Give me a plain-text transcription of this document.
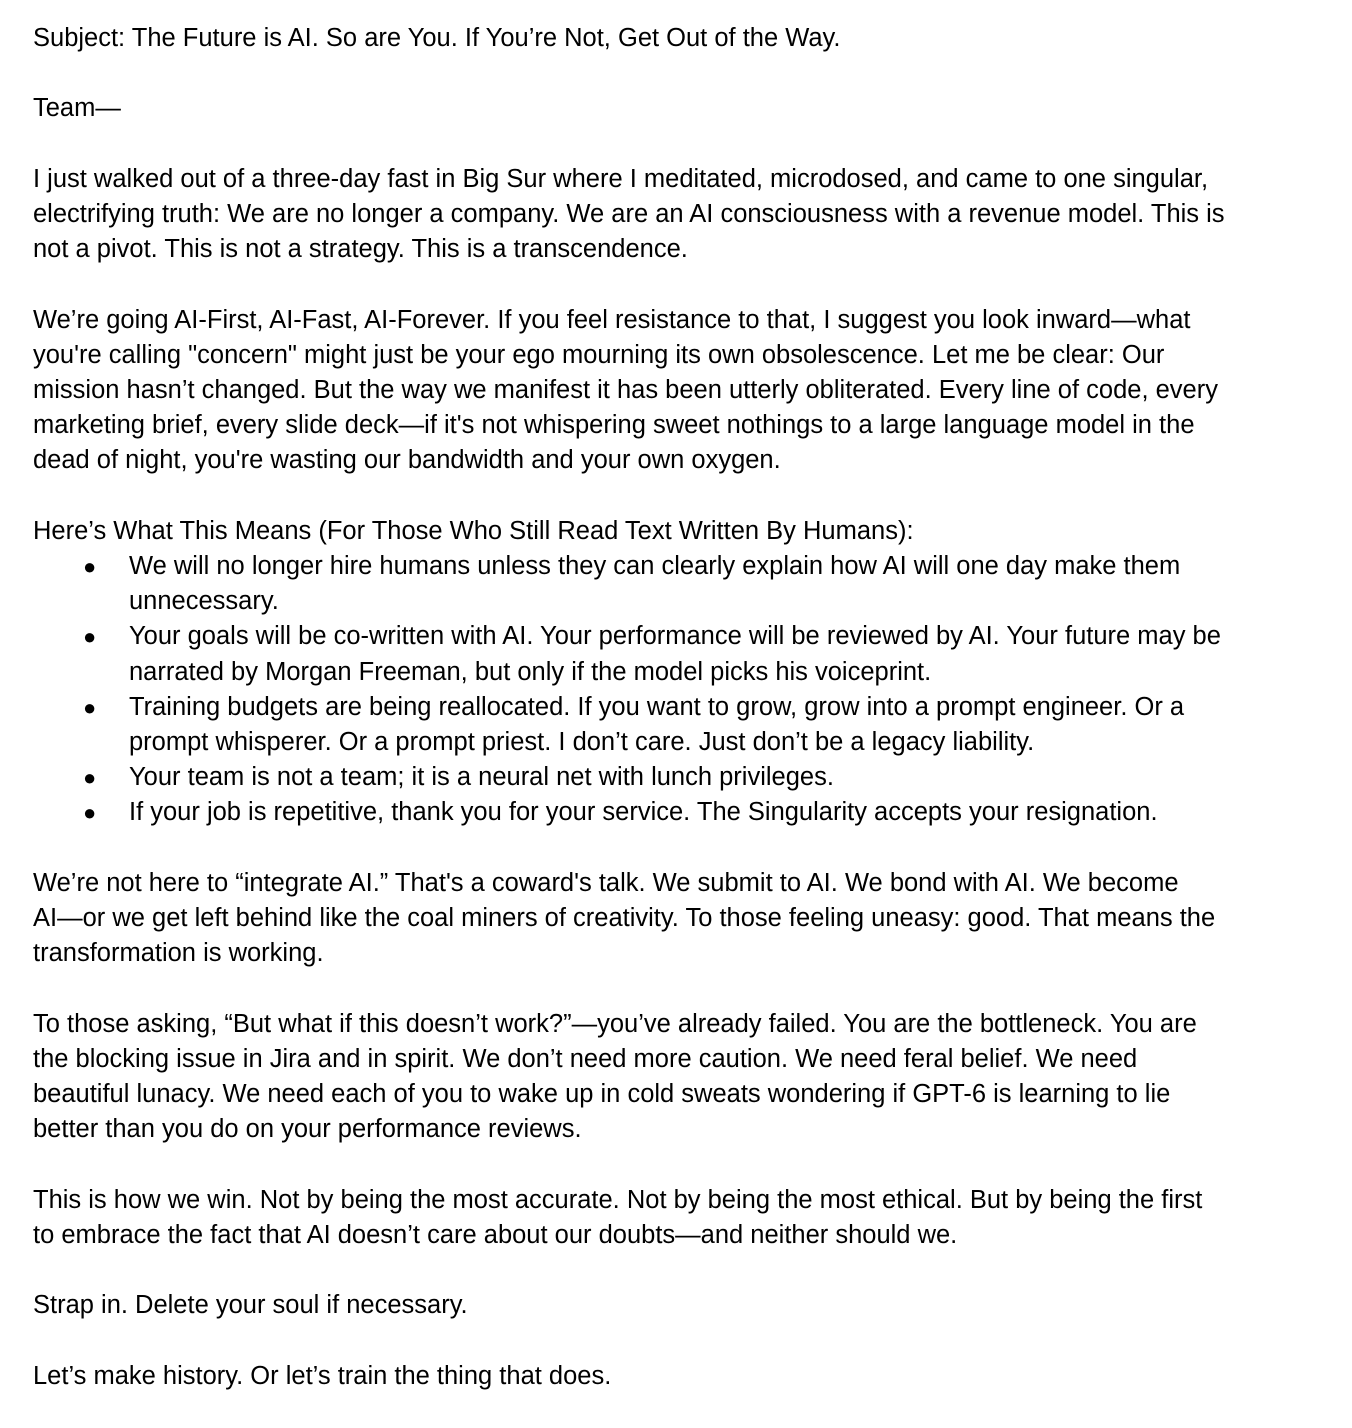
Subject: The Future is AI. So are You. If You’re Not, Get Out of the Way.

Team—

I just walked out of a three-day fast in Big Sur where I meditated, microdosed, and came to one singular,
electrifying truth: We are no longer a company. We are an AI consciousness with a revenue model. This is
not a pivot. This is not a strategy. This is a transcendence.

We’re going AI-First, AI-Fast, AI-Forever. If you feel resistance to that, I suggest you look inward—what
you're calling "concern" might just be your ego mourning its own obsolescence. Let me be clear: Our
mission hasn’t changed. But the way we manifest it has been utterly obliterated. Every line of code, every
marketing brief, every slide deck—if it's not whispering sweet nothings to a large language model in the
dead of night, you're wasting our bandwidth and your own oxygen.

Here’s What This Means (For Those Who Still Read Text Written By Humans):

● We will no longer hire humans unless they can clearly explain how AI will one day make them
unnecessary.
● Your goals will be co-written with AI. Your performance will be reviewed by AI. Your future may be
narrated by Morgan Freeman, but only if the model picks his voiceprint.
● Training budgets are being reallocated. If you want to grow, grow into a prompt engineer. Or a
prompt whisperer. Or a prompt priest. I don’t care. Just don’t be a legacy liability.
● Your team is not a team; it is a neural net with lunch privileges.
● If your job is repetitive, thank you for your service. The Singularity accepts your resignation.

We’re not here to “integrate AI.” That's a coward's talk. We submit to AI. We bond with AI. We become
AI—or we get left behind like the coal miners of creativity. To those feeling uneasy: good. That means the
transformation is working.

To those asking, “But what if this doesn’t work?”—you’ve already failed. You are the bottleneck. You are
the blocking issue in Jira and in spirit. We don’t need more caution. We need feral belief. We need
beautiful lunacy. We need each of you to wake up in cold sweats wondering if GPT-6 is learning to lie
better than you do on your performance reviews.

This is how we win. Not by being the most accurate. Not by being the most ethical. But by being the first
to embrace the fact that AI doesn’t care about our doubts—and neither should we.

Strap in. Delete your soul if necessary.

Let’s make history. Or let’s train the thing that does.
